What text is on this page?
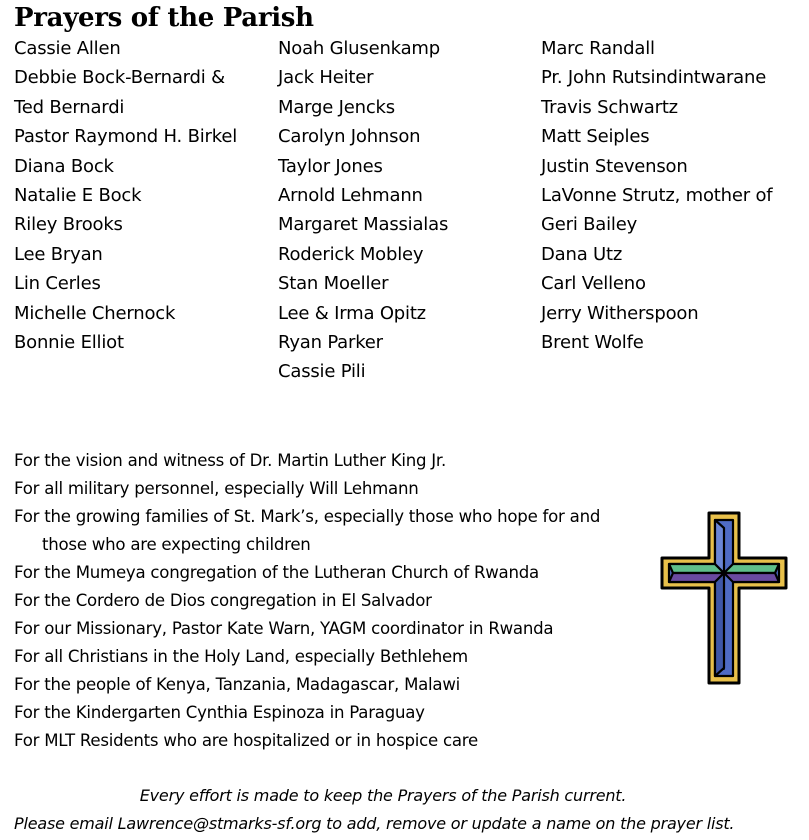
Prayers of the Parish
Cassie Allen
Debbie Bock-Bernardi &
Ted Bernardi
Pastor Raymond H. Birkel
Diana Bock
Natalie E Bock
Riley Brooks
Lee Bryan
Lin Cerles
Michelle Chernock
Bonnie Elliot
Noah Glusenkamp
Jack Heiter
Marge Jencks
Carolyn Johnson
Taylor Jones
Arnold Lehmann
Margaret Massialas
Roderick Mobley
Stan Moeller
Lee & Irma Opitz
Ryan Parker
Cassie Pili
Marc Randall
Pr. John Rutsindintwarane
Travis Schwartz
Matt Seiples
Justin Stevenson
LaVonne Strutz, mother of
Geri Bailey
Dana Utz
Carl Velleno
Jerry Witherspoon
Brent Wolfe
For the vision and witness of Dr. Martin Luther King Jr.
For all military personnel, especially Will Lehmann
For the growing families of St. Mark’s, especially those who hope for and
those who are expecting children
For the Mumeya congregation of the Lutheran Church of Rwanda
For the Cordero de Dios congregation in El Salvador
For our Missionary, Pastor Kate Warn, YAGM coordinator in Rwanda
For all Christians in the Holy Land, especially Bethlehem
For the people of Kenya, Tanzania, Madagascar, Malawi
For the Kindergarten Cynthia Espinoza in Paraguay
For MLT Residents who are hospitalized or in hospice care
Every effort is made to keep the Prayers of the Parish current.
Please email Lawrence@stmarks-sf.org to add, remove or update a name on the prayer list.
